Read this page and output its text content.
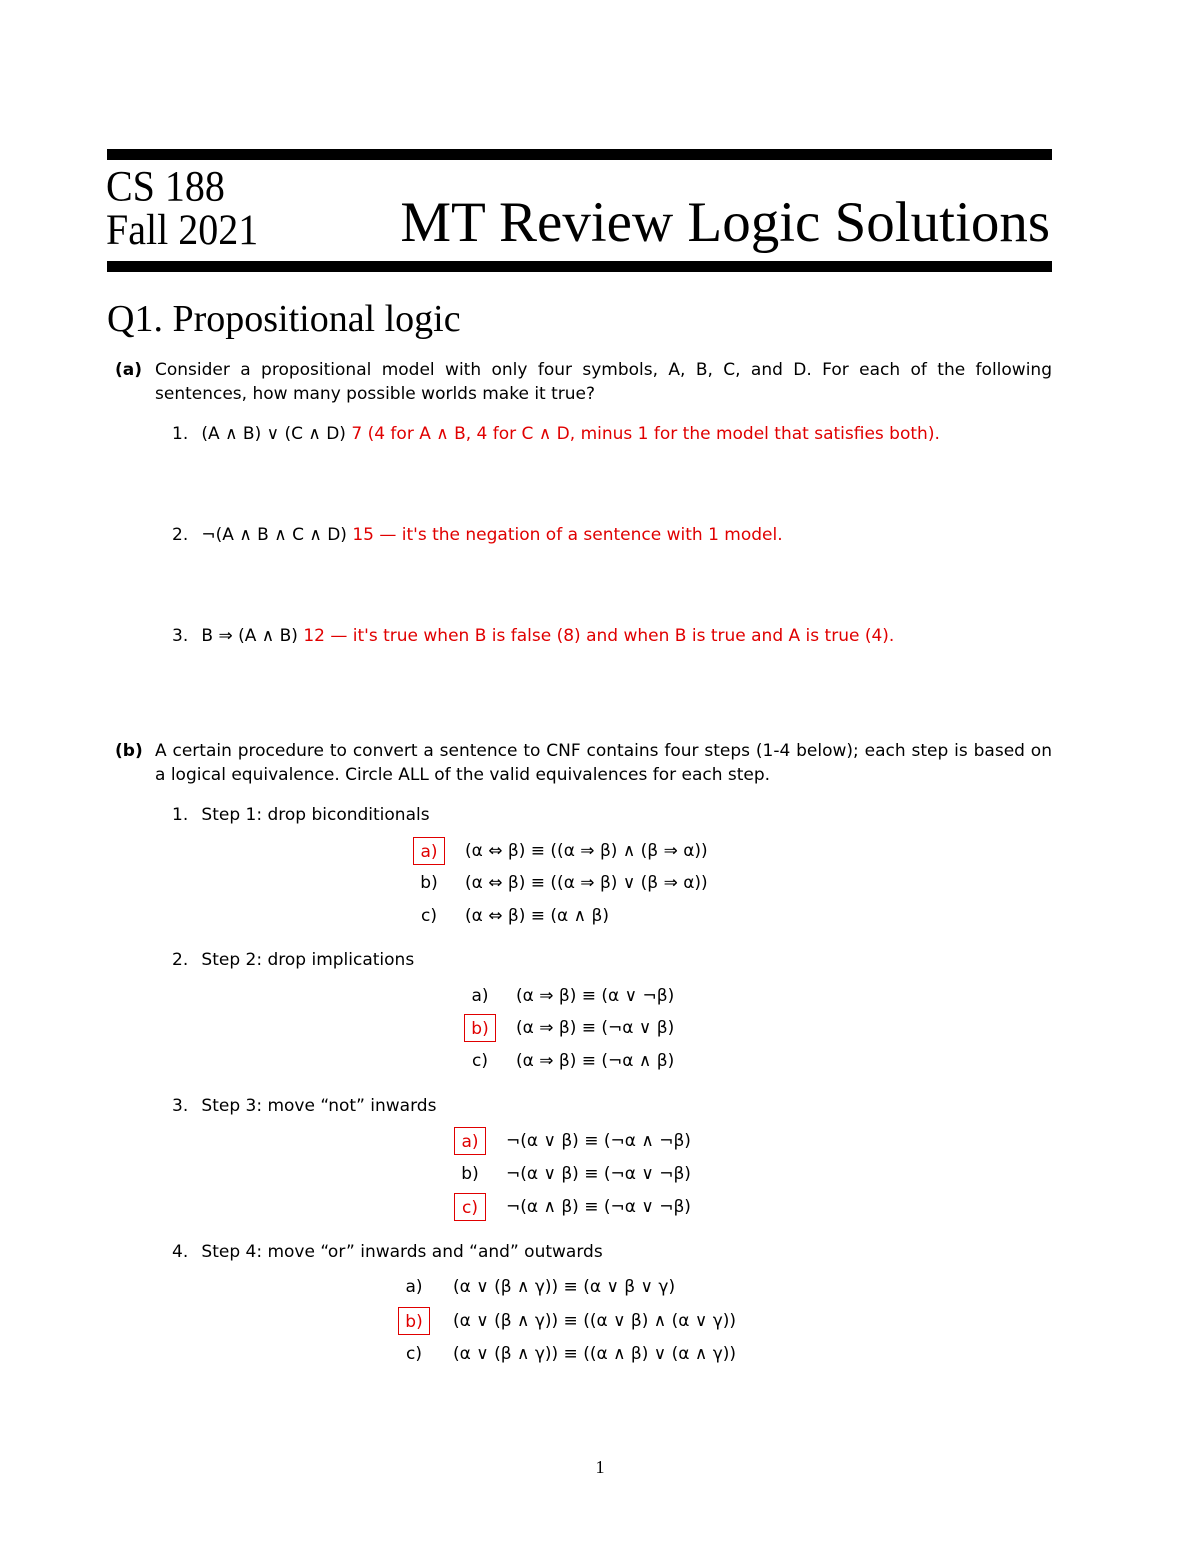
CS 188
Fall 2021 MT Review Logic Solutions
Q1. Propositional logic
(a) Consider a propositional model with only four symbols, A, B, C, and D. For each of the following sentences, how many possible worlds make it true?
1. (A ∧ B) ∨ (C ∧ D) 7 (4 for A ∧ B, 4 for C ∧ D, minus 1 for the model that satisfies both).
2. ¬(A ∧ B ∧ C ∧ D) 15 — it's the negation of a sentence with 1 model.
3. B ⇒ (A ∧ B) 12 — it's true when B is false (8) and when B is true and A is true (4).
(b) A certain procedure to convert a sentence to CNF contains four steps (1-4 below); each step is based on a logical equivalence. Circle ALL of the valid equivalences for each step.
1. Step 1: drop biconditionals
a)	(α ⇔ β) ≡ ((α ⇒ β) ∧ (β ⇒ α))
b)	(α ⇔ β) ≡ ((α ⇒ β) ∨ (β ⇒ α))
c)	(α ⇔ β) ≡ (α ∧ β)
2. Step 2: drop implications
a)	(α ⇒ β) ≡ (α ∨ ¬β)
b)	(α ⇒ β) ≡ (¬α ∨ β)
c)	(α ⇒ β) ≡ (¬α ∧ β)
3. Step 3: move “not” inwards
a)	¬(α ∨ β) ≡ (¬α ∧ ¬β)
b)	¬(α ∨ β) ≡ (¬α ∨ ¬β)
c)	¬(α ∧ β) ≡ (¬α ∨ ¬β)
4. Step 4: move “or” inwards and “and” outwards
a)	(α ∨ (β ∧ γ)) ≡ (α ∨ β ∨ γ)
b)	(α ∨ (β ∧ γ)) ≡ ((α ∨ β) ∧ (α ∨ γ))
c)	(α ∨ (β ∧ γ)) ≡ ((α ∧ β) ∨ (α ∧ γ))
1
